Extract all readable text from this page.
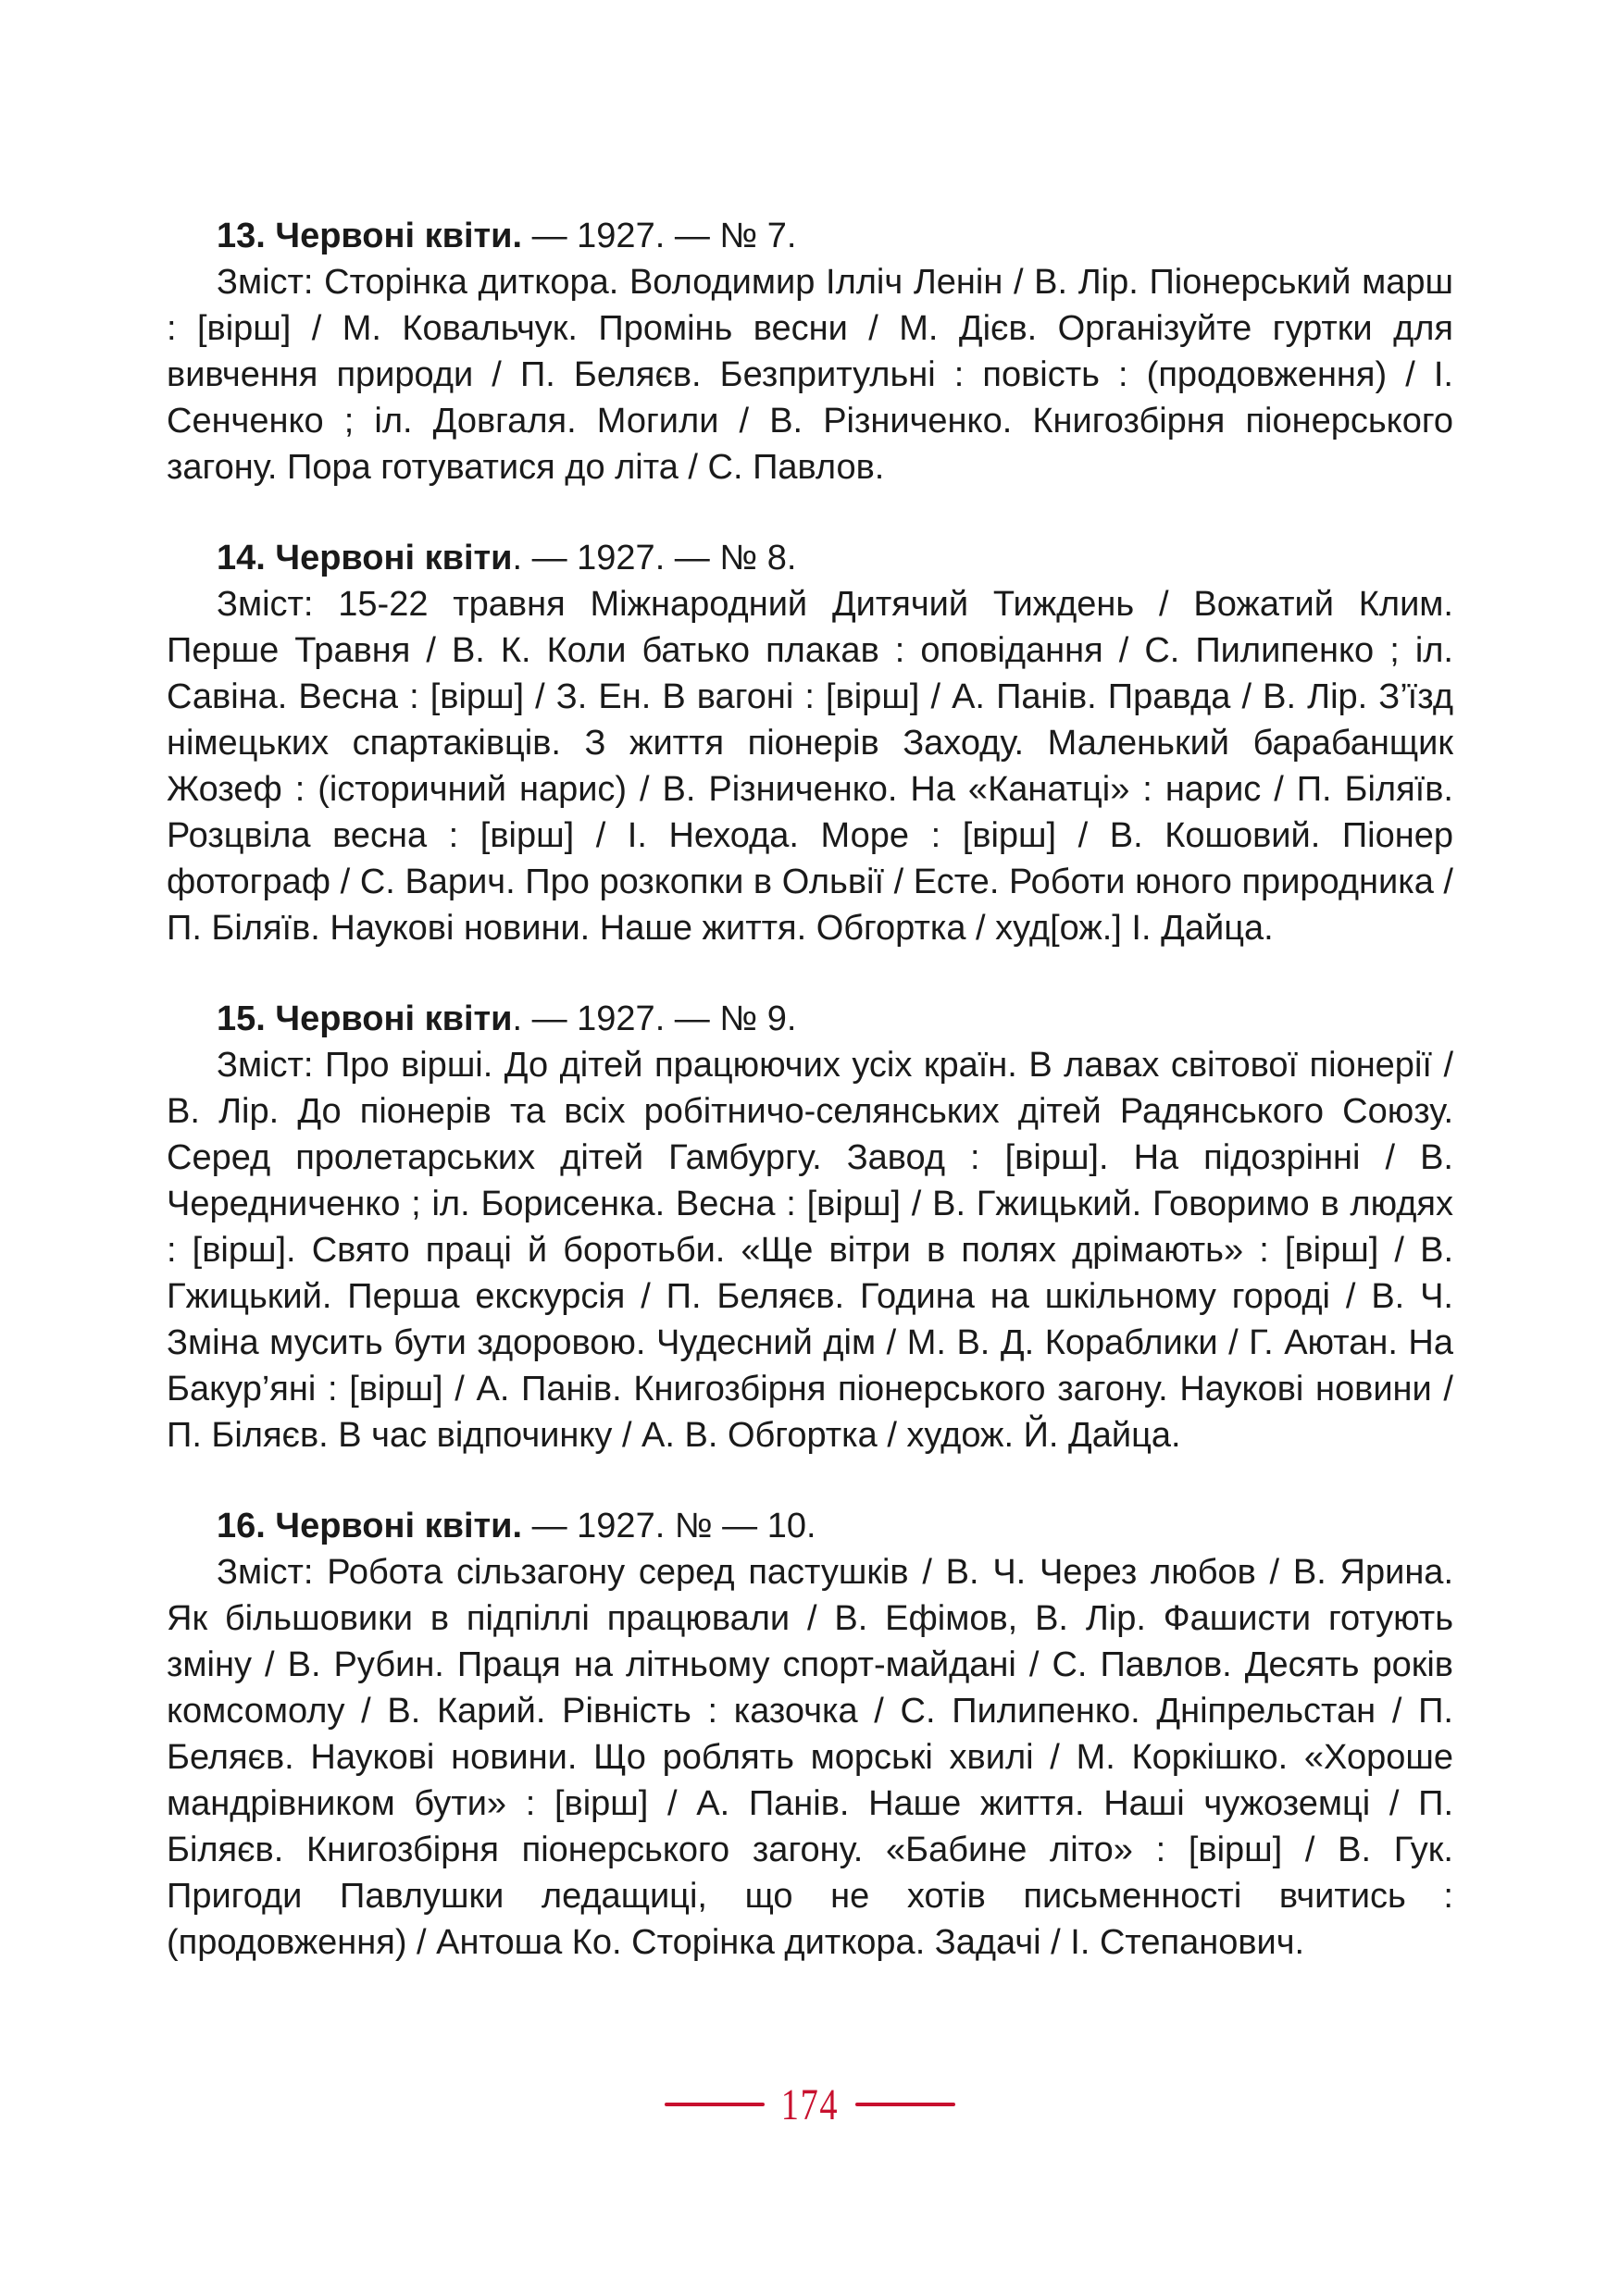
13. Червоні квіти. — 1927. — № 7.

Зміст: Сторінка диткора. Володимир Ілліч Ленін / В. Лір. Піонерський марш : [вірш] / М. Ковальчук. Промінь весни / М. Дієв. Організуйте гуртки для вивчення природи / П. Беляєв. Безпритульні : повість : (продовження) / І. Сенченко ; іл. Довгаля. Могили / В. Різниченко. Книгозбірня піонерського загону. Пора готуватися до літа / С. Павлов.

14. Червоні квіти. — 1927. — № 8.

Зміст: 15-22 травня Міжнародний Дитячий Тиждень / Вожатий Клим. Перше Травня / В. К. Коли батько плакав : оповідання / С. Пилипенко ; іл. Савіна. Весна : [вірш] / З. Ен. В вагоні : [вірш] / А. Панів. Правда / В. Лір. З’їзд німецьких спартаківців. З життя піонерів Заходу. Маленький барабанщик Жозеф : (історичний нарис) / В. Різниченко. На «Канатці» : нарис / П. Біляїв. Розцвіла весна : [вірш] / І. Нехода. Море : [вірш] / В. Кошовий. Піонер фотограф / С. Варич. Про розкопки в Ольвії / Есте. Роботи юного природника / П. Біляїв. Наукові новини. Наше життя. Обгортка / худ[ож.] І. Дайца.

15. Червоні квіти. — 1927. — № 9.

Зміст: Про вірші. До дітей працюючих усіх країн. В лавах світової піонерії / В. Лір. До піонерів та всіх робітничо-селянських дітей Радянського Союзу. Серед пролетарських дітей Гамбургу. Завод : [вірш]. На підозрінні / В. Чередниченко ; іл. Борисенка. Весна : [вірш] / В. Гжицький. Говоримо в людях : [вірш]. Свято праці й боротьби. «Ще вітри в полях дрімають» : [вірш] / В. Гжицький. Перша екскурсія / П. Беляєв. Година на шкільному городі / В. Ч. Зміна мусить бути здоровою. Чудесний дім / М. В. Д. Кораблики / Г. Аютан. На Бакур’яні : [вірш] / А. Панів. Книгозбірня піонерського загону. Наукові новини / П. Біляєв. В час відпочинку / А. В. Обгортка / худож. Й. Дайца.

16. Червоні квіти. — 1927. № — 10.

Зміст: Робота сільзагону серед пастушків / В. Ч. Через любов / В. Ярина. Як більшовики в підпіллі працювали / В. Ефімов, В. Лір. Фашисти готують зміну / В. Рубин. Праця на літньому спорт-майдані / С. Павлов. Десять років комсомолу / В. Карий. Рівність : казочка / С. Пилипенко. Дніпрельстан / П. Беляєв. Наукові новини. Що роблять морські хвилі / М. Коркішко. «Хороше мандрівником бути» : [вірш] / А. Панів. Наше життя. Наші чужоземці / П. Біляєв. Книгозбірня піонерського загону. «Бабине літо» : [вірш] / В. Гук. Пригоди Павлушки ледащиці, що не хотів письменності вчитись : (продовження) / Антоша Ко. Сторінка диткора. Задачі / І. Степанович.

174
